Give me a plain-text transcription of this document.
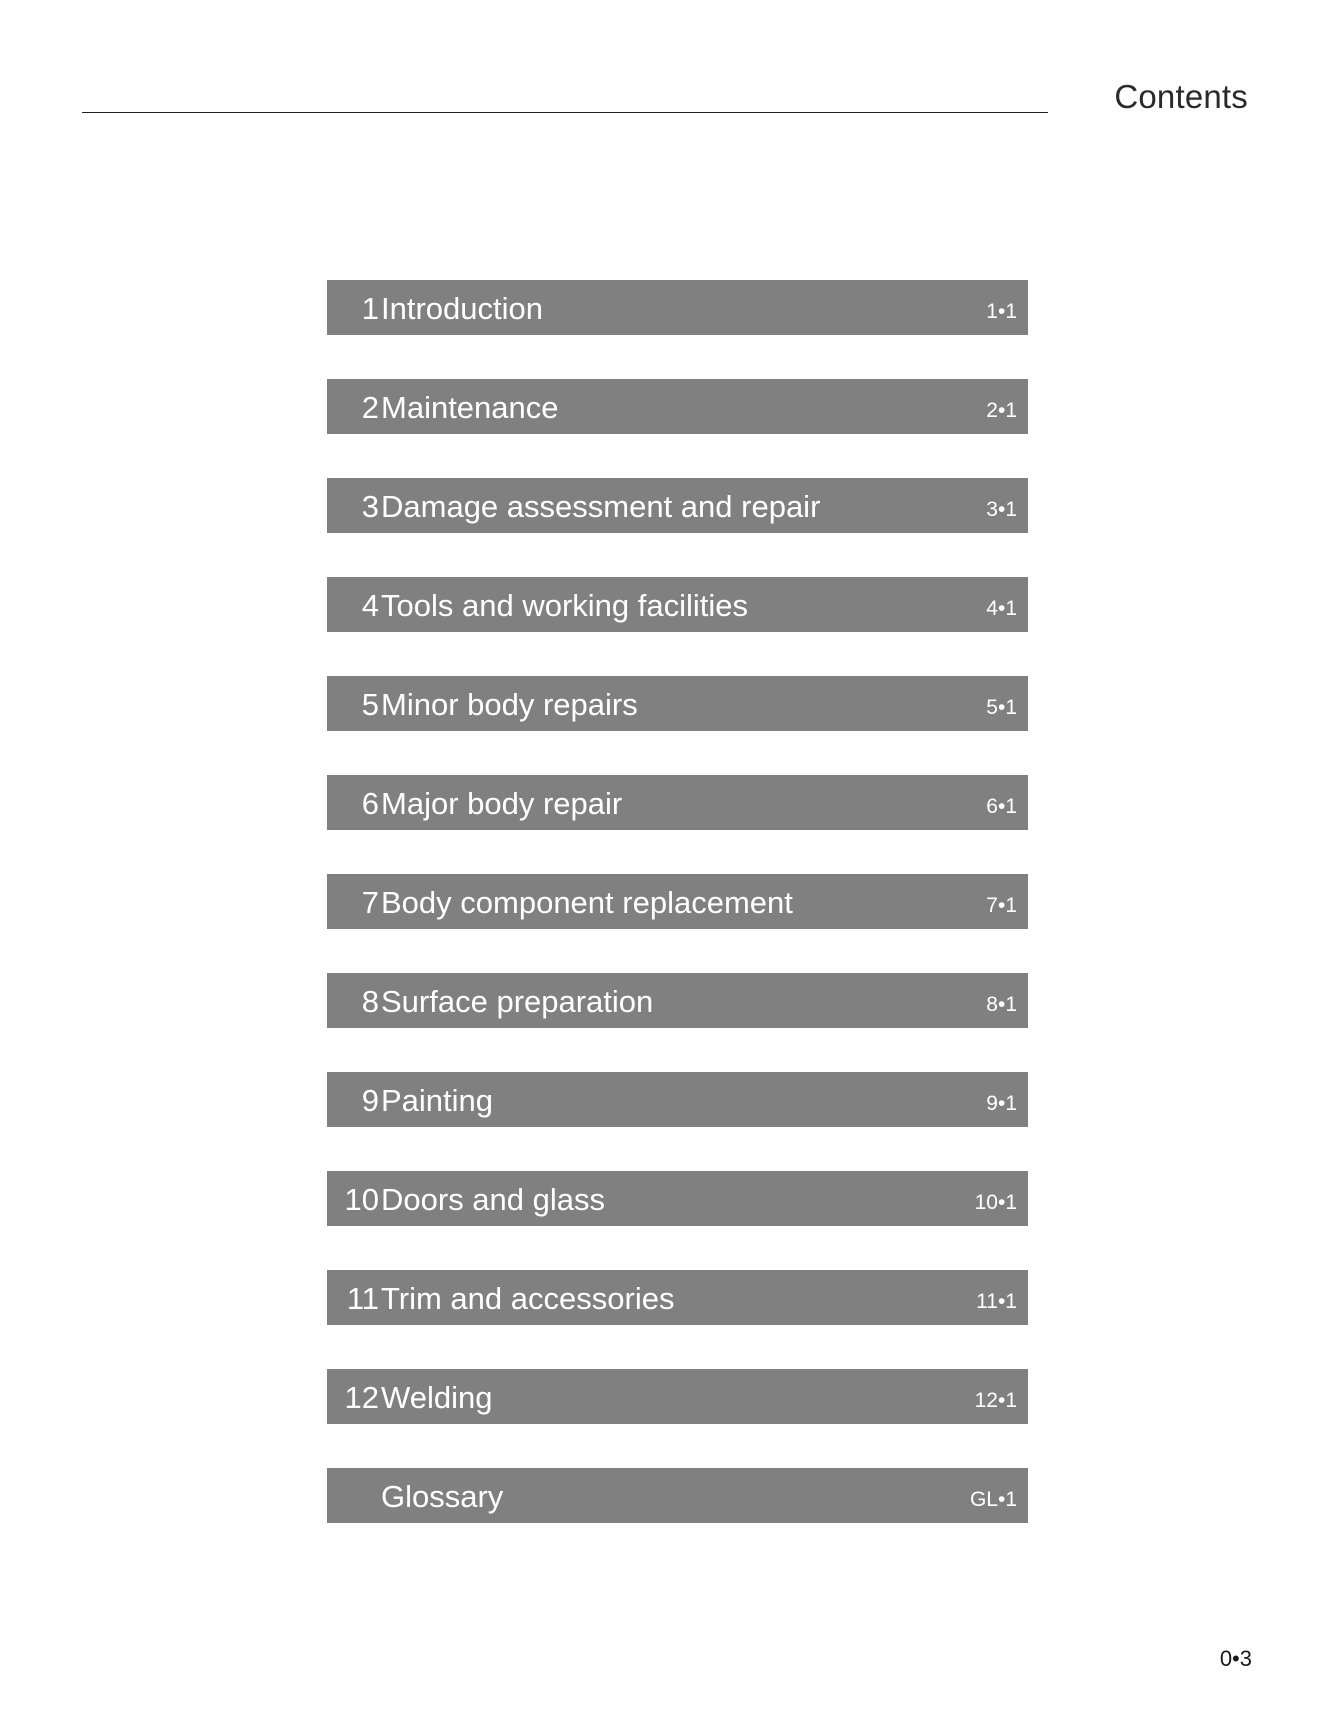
Contents
1 Introduction	1•1
2 Maintenance	2•1
3 Damage assessment and repair	3•1
4 Tools and working facilities	4•1
5 Minor body repairs	5•1
6 Major body repair	6•1
7 Body component replacement	7•1
8 Surface preparation	8•1
9 Painting	9•1
10 Doors and glass	10•1
11 Trim and accessories	11•1
12 Welding	12•1
Glossary	GL•1
0•3
